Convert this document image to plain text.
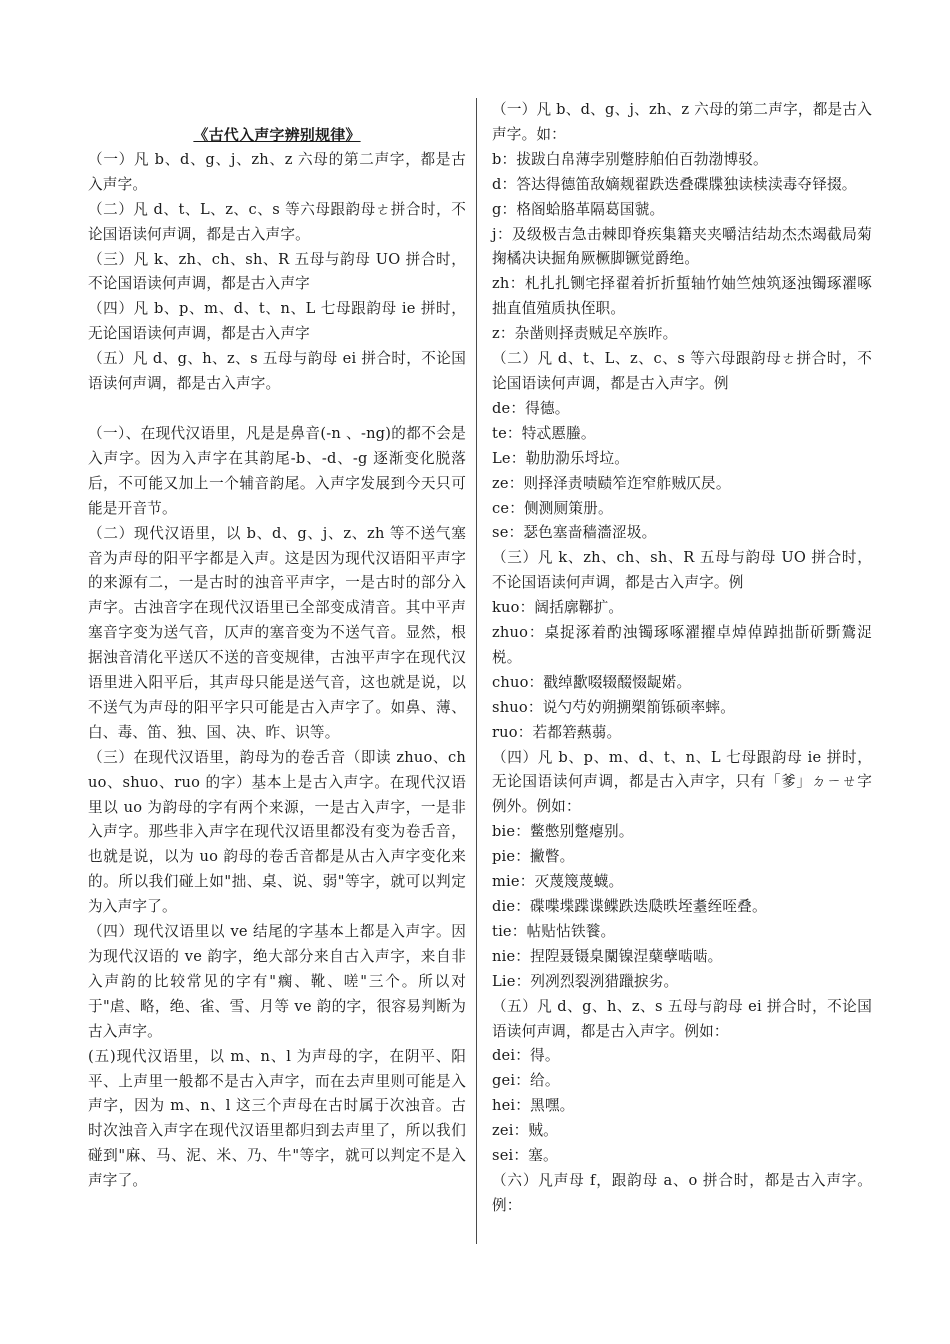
《古代入声字辨别规律》

（一）凡 b、d、g、j、zh、z 六母的第二声字，都是古入声字。

（二）凡 d、t、L、z、c、s 等六母跟韵母ㄜ拼合时，不论国语读何声调，都是古入声字。

（三）凡 k、zh、ch、sh、R 五母与韵母 UO 拼合时，不论国语读何声调，都是古入声字

（四）凡 b、p、m、d、t、n、L 七母跟韵母 ie 拼时，无论国语读何声调，都是古入声字

（五）凡 d、g、h、z、s 五母与韵母 ei 拼合时，不论国语读何声调，都是古入声字。

（一）、在现代汉语里，凡是是鼻音(-n 、-ng)的都不会是入声字。因为入声字在其韵尾-b、-d、-g 逐渐变化脱落后，不可能又加上一个辅音韵尾。入声字发展到今天只可能是开音节。

（二）现代汉语里，以 b、d、g、j、z、zh 等不送气塞音为声母的阳平字都是入声。这是因为现代汉语阳平声字的来源有二，一是古时的浊音平声字，一是古时的部分入声字。古浊音字在现代汉语里已全部变成清音。其中平声塞音字变为送气音，仄声的塞音变为不送气音。显然，根据浊音清化平送仄不送的音变规律，古浊平声字在现代汉语里进入阳平后，其声母只能是送气音，这也就是说，以不送气为声母的阳平字只可能是古入声字了。如鼻、薄、白、毒、笛、独、国、决、昨、识等。

（三）在现代汉语里，韵母为的卷舌音（即读 zhuo、chuo、shuo、ruo 的字）基本上是古入声字。在现代汉语里以 uo 为韵母的字有两个来源，一是古入声字，一是非入声字。那些非入声字在现代汉语里都没有变为卷舌音，也就是说，以为 uo 韵母的卷舌音都是从古入声字变化来的。所以我们碰上如"拙、桌、说、弱"等字，就可以判定为入声字了。

（四）现代汉语里以 ve 结尾的字基本上都是入声字。因为现代汉语的 ve 韵字，绝大部分来自古入声字，来自非入声韵的比较常见的字有"瘸、靴、嗟"三个。所以对于"虐、略，绝、雀、雪、月等 ve 韵的字，很容易判断为古入声字。

(五)现代汉语里，以 m、n、l 为声母的字，在阴平、阳平、上声里一般都不是古入声字，而在去声里则可能是入声字，因为 m、n、l 这三个声母在古时属于次浊音。古时次浊音入声字在现代汉语里都归到去声里了，所以我们碰到"麻、马、泥、米、乃、牛"等字，就可以判定不是入声字了。

（一）凡 b、d、g、j、zh、z 六母的第二声字，都是古入声字。如：

b：拔跋白帛薄孛别蹩脖舶伯百勃渤博驳。

d：答达得德笛敌嫡觌翟跌迭叠碟牒独读椟渎毒夺铎掇。

g：格阁蛤胳革隔葛国虢。

j：及级极吉急击棘即脊疾集籍夹夹嚼洁结劫杰杰竭截局菊掬橘决诀掘角厥橛脚镢觉爵绝。

zh：札扎扎铡宅择翟着折折蜇轴竹妯竺烛筑逐浊镯琢濯啄拙直值殖质执侄职。

z：杂凿则择责贼足卒族昨。

（二）凡 d、t、L、z、c、s 等六母跟韵母ㄜ拼合时，不论国语读何声调，都是古入声字。例

de：得德。

te：特忒慝螣。

Le：勒肋泐乐埒垃。

ze：则择泽责啧赜笮迮窄舴贼仄昃。

ce：侧测厕策册。

se：瑟色塞啬穑濇涩圾。

（三）凡 k、zh、ch、sh、R 五母与韵母 UO 拼合时，不论国语读何声调，都是古入声字。例

kuo：阔括廓鞹扩。

zhuo：桌捉涿着酌浊镯琢啄濯擢卓焯倬踔拙斮斫斲鷟浞棁。

chuo：戳绰歠啜辍醊惙龊婼。

shuo：说勺芍妁朔搠槊箾铄硕率蟀。

ruo：若都箬爇蒻。

（四）凡 b、p、m、d、t、n、L 七母跟韵母 ie 拼时，无论国语读何声调，都是古入声字，只有「爹」ㄉㄧㄝ字例外。例如：

bie：鳖憋别蹩瘪别。

pie：撇瞥。

mie：灭蔑篾蔑蠛。

die：碟喋堞蹀谍鲽跌迭瓞昳垤耋绖咥叠。

tie：帖贴怗铁餮。

nie：捏隉聂镊臬闑镍涅蘖孽啮啮。

Lie：列冽烈裂洌猎躐捩劣。

（五）凡 d、g、h、z、s 五母与韵母 ei 拼合时，不论国语读何声调，都是古入声字。例如：

dei：得。

gei：给。

hei：黑嘿。

zei：贼。

sei：塞。

（六）凡声母 f，跟韵母 a、o 拼合时，都是古入声字。例：
